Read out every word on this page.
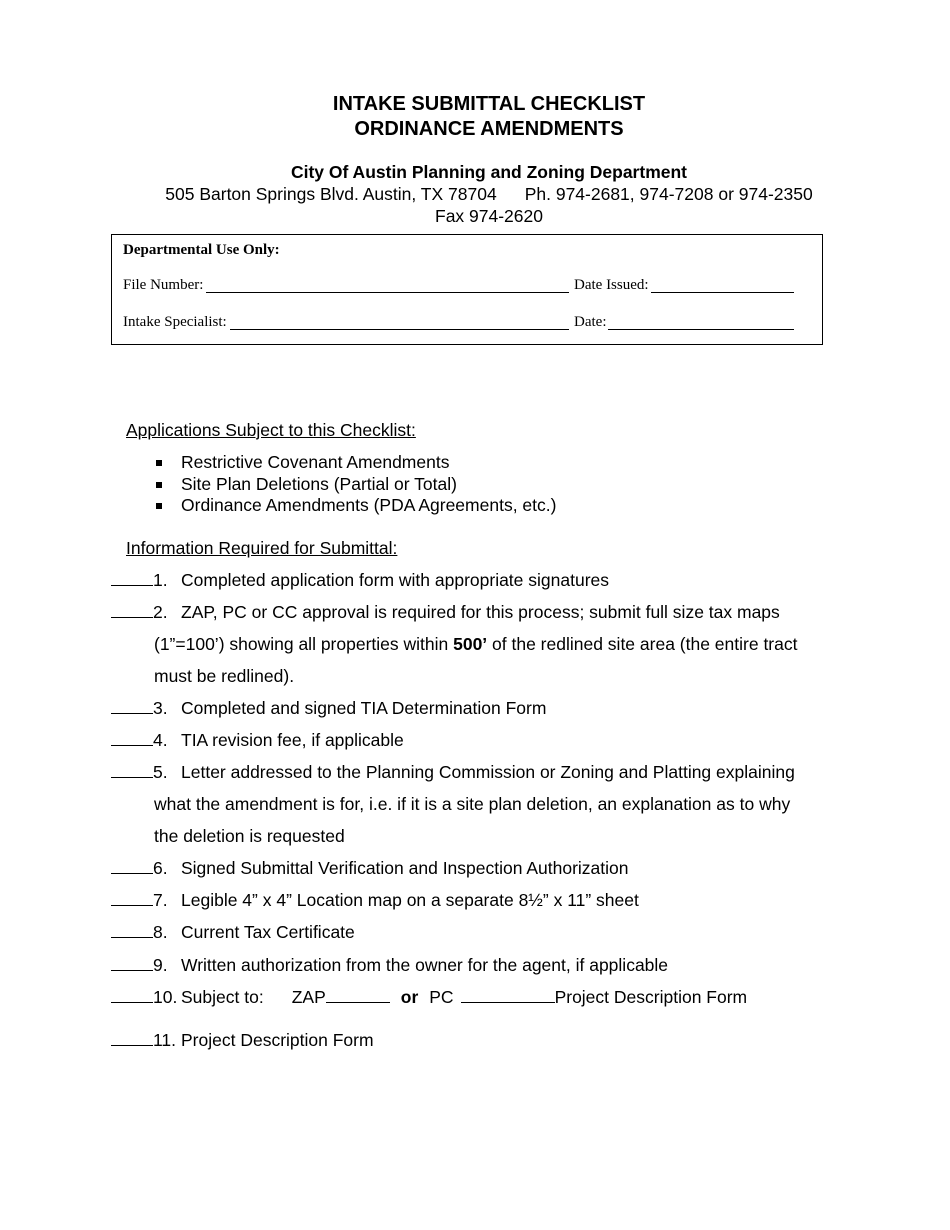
INTAKE SUBMITTAL CHECKLIST
ORDINANCE AMENDMENTS
City Of Austin Planning and Zoning Department
505 Barton Springs Blvd. Austin, TX 78704 Ph. 974-2681, 974-7208 or 974-2350
Fax 974-2620
Departmental Use Only:
File Number:	Date Issued:
Intake Specialist:	Date:
Applications Subject to this Checklist:
Restrictive Covenant Amendments
Site Plan Deletions (Partial or Total)
Ordinance Amendments (PDA Agreements, etc.)
Information Required for Submittal:
1. Completed application form with appropriate signatures
2. ZAP, PC or CC approval is required for this process; submit full size tax maps
(1”=100’) showing all properties within 500’ of the redlined site area (the entire tract
must be redlined).
3. Completed and signed TIA Determination Form
4. TIA revision fee, if applicable
5. Letter addressed to the Planning Commission or Zoning and Platting explaining
what the amendment is for, i.e. if it is a site plan deletion, an explanation as to why
the deletion is requested
6. Signed Submittal Verification and Inspection Authorization
7. Legible 4” x 4” Location map on a separate 8½” x 11” sheet
8. Current Tax Certificate
9. Written authorization from the owner for the agent, if applicable
10. Subject to: ZAP	or PC	Project Description Form
11. Project Description Form
